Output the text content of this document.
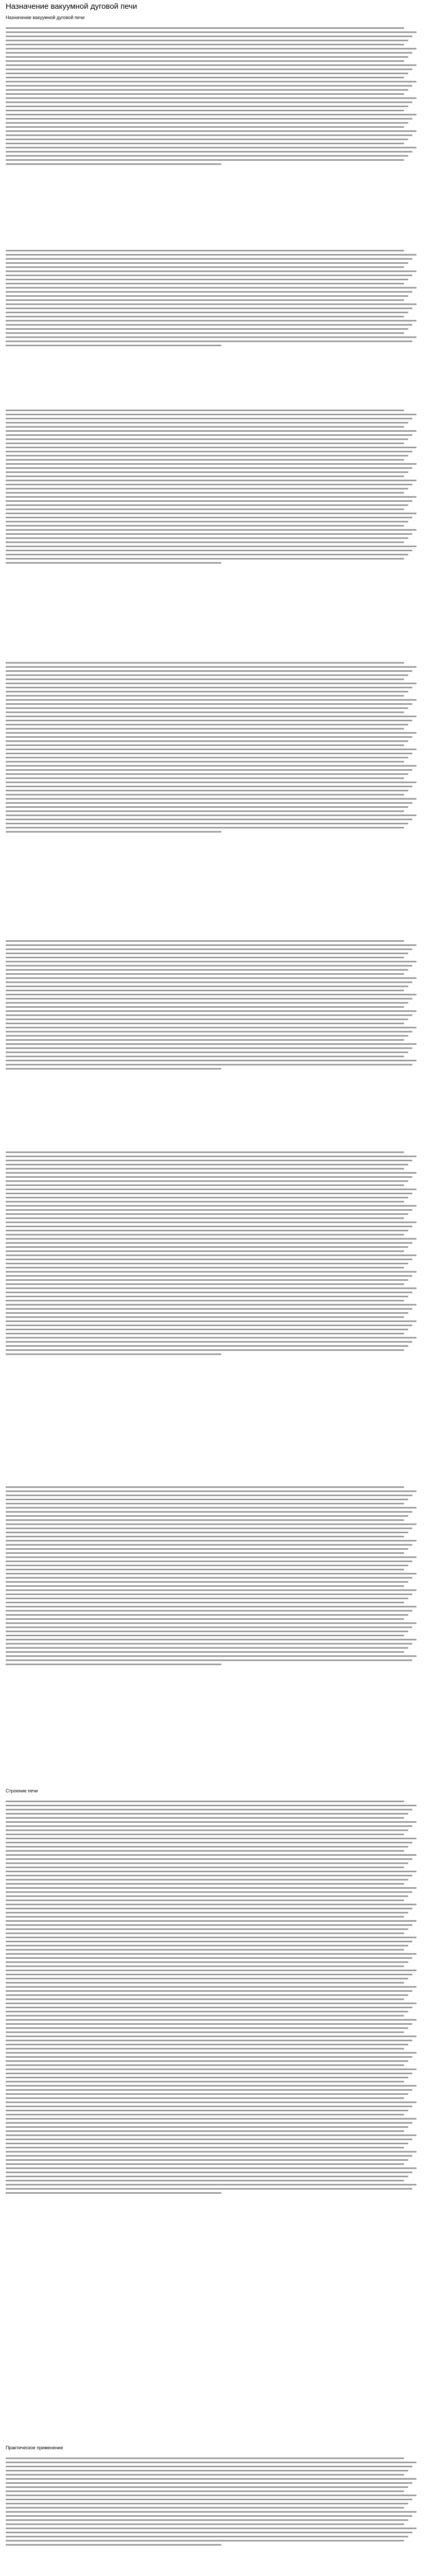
Назначение вакуумной дуговой печи
Назначение вакуумной дуговой печи
Строение печи
Практическое применение
